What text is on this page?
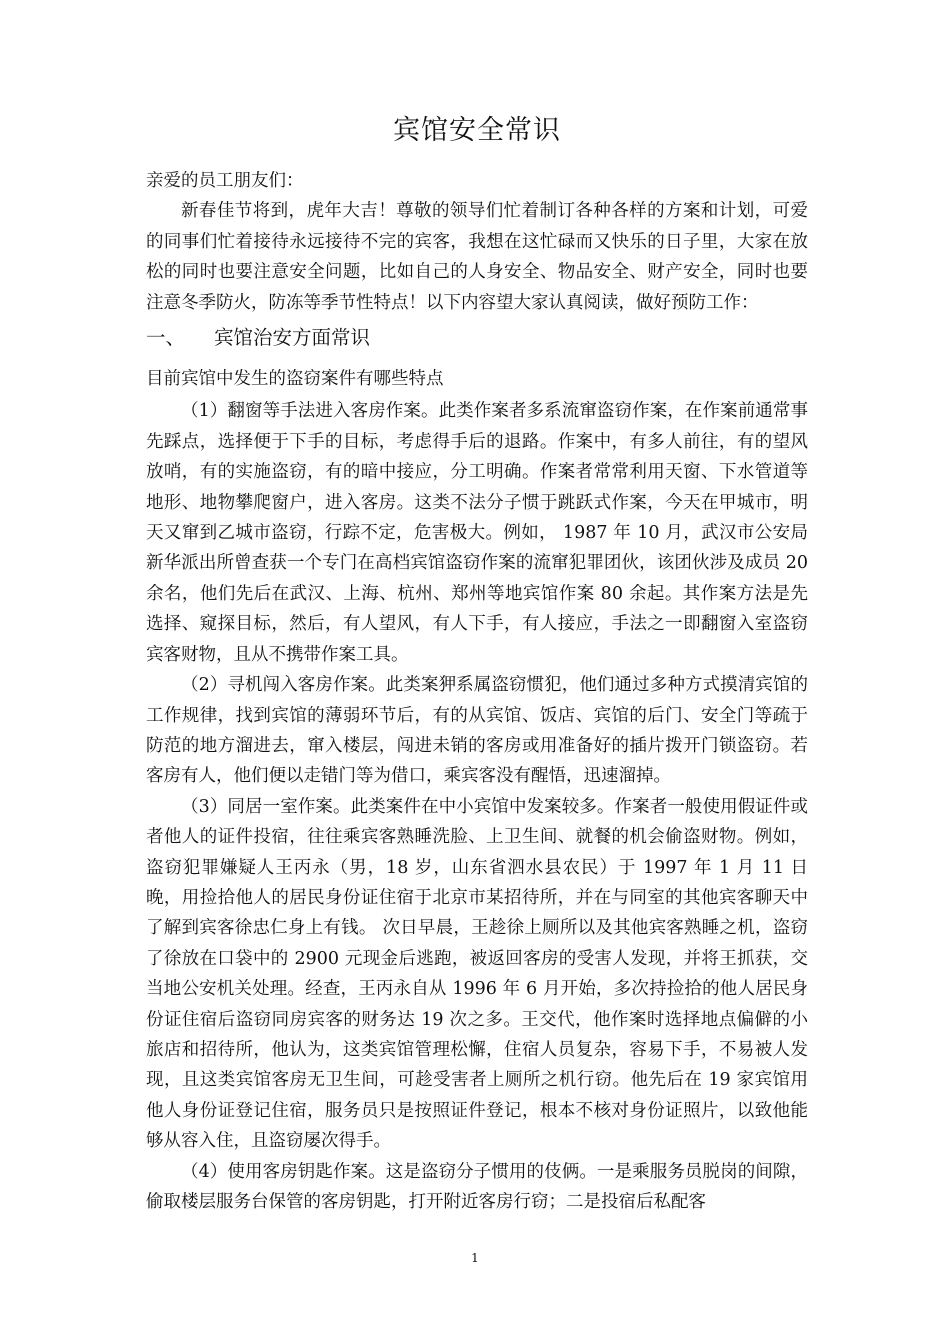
宾馆安全常识

亲爱的员工朋友们：

新春佳节将到，虎年大吉！尊敬的领导们忙着制订各种各样的方案和计划，可爱的同事们忙着接待永远接待不完的宾客，我想在这忙碌而又快乐的日子里，大家在放松的同时也要注意安全问题，比如自己的人身安全、物品安全、财产安全，同时也要注意冬季防火，防冻等季节性特点！以下内容望大家认真阅读，做好预防工作：

一、 宾馆治安方面常识

目前宾馆中发生的盗窃案件有哪些特点

（1）翻窗等手法进入客房作案。此类作案者多系流窜盗窃作案，在作案前通常事先踩点，选择便于下手的目标，考虑得手后的退路。作案中，有多人前往，有的望风放哨，有的实施盗窃，有的暗中接应，分工明确。作案者常常利用天窗、下水管道等地形、地物攀爬窗户，进入客房。这类不法分子惯于跳跃式作案，今天在甲城市，明天又窜到乙城市盗窃，行踪不定，危害极大。例如， 1987 年 10 月，武汉市公安局新华派出所曾查获一个专门在高档宾馆盗窃作案的流窜犯罪团伙，该团伙涉及成员 20 余名，他们先后在武汉、上海、杭州、郑州等地宾馆作案 80 余起。其作案方法是先选择、窥探目标，然后，有人望风，有人下手，有人接应，手法之一即翻窗入室盗窃宾客财物，且从不携带作案工具。

（2）寻机闯入客房作案。此类案狎系属盗窃惯犯，他们通过多种方式摸清宾馆的工作规律，找到宾馆的薄弱环节后，有的从宾馆、饭店、宾馆的后门、安全门等疏于防范的地方溜进去，窜入楼层，闯进未销的客房或用准备好的插片拨开门锁盗窃。若客房有人，他们便以走错门等为借口，乘宾客没有醒悟，迅速溜掉。

（3）同居一室作案。此类案件在中小宾馆中发案较多。作案者一般使用假证件或者他人的证件投宿，往往乘宾客熟睡洗脸、上卫生间、就餐的机会偷盗财物。例如，盗窃犯罪嫌疑人王丙永（男，18 岁，山东省泗水县农民）于 1997 年 1 月 11 日晚，用捡拾他人的居民身份证住宿于北京市某招待所，并在与同室的其他宾客聊天中了解到宾客徐忠仁身上有钱。 次日早晨，王趁徐上厕所以及其他宾客熟睡之机，盗窃了徐放在口袋中的 2900 元现金后逃跑，被返回客房的受害人发现，并将王抓获，交当地公安机关处理。经查，王丙永自从 1996 年 6 月开始，多次持捡拾的他人居民身份证住宿后盗窃同房宾客的财务达 19 次之多。王交代，他作案时选择地点偏僻的小旅店和招待所，他认为，这类宾馆管理松懈，住宿人员复杂，容易下手，不易被人发现，且这类宾馆客房无卫生间，可趁受害者上厕所之机行窃。他先后在 19 家宾馆用他人身份证登记住宿，服务员只是按照证件登记，根本不核对身份证照片，以致他能够从容入住，且盗窃屡次得手。

（4）使用客房钥匙作案。这是盗窃分子惯用的伎俩。一是乘服务员脱岗的间隙，偷取楼层服务台保管的客房钥匙，打开附近客房行窃；二是投宿后私配客

1
